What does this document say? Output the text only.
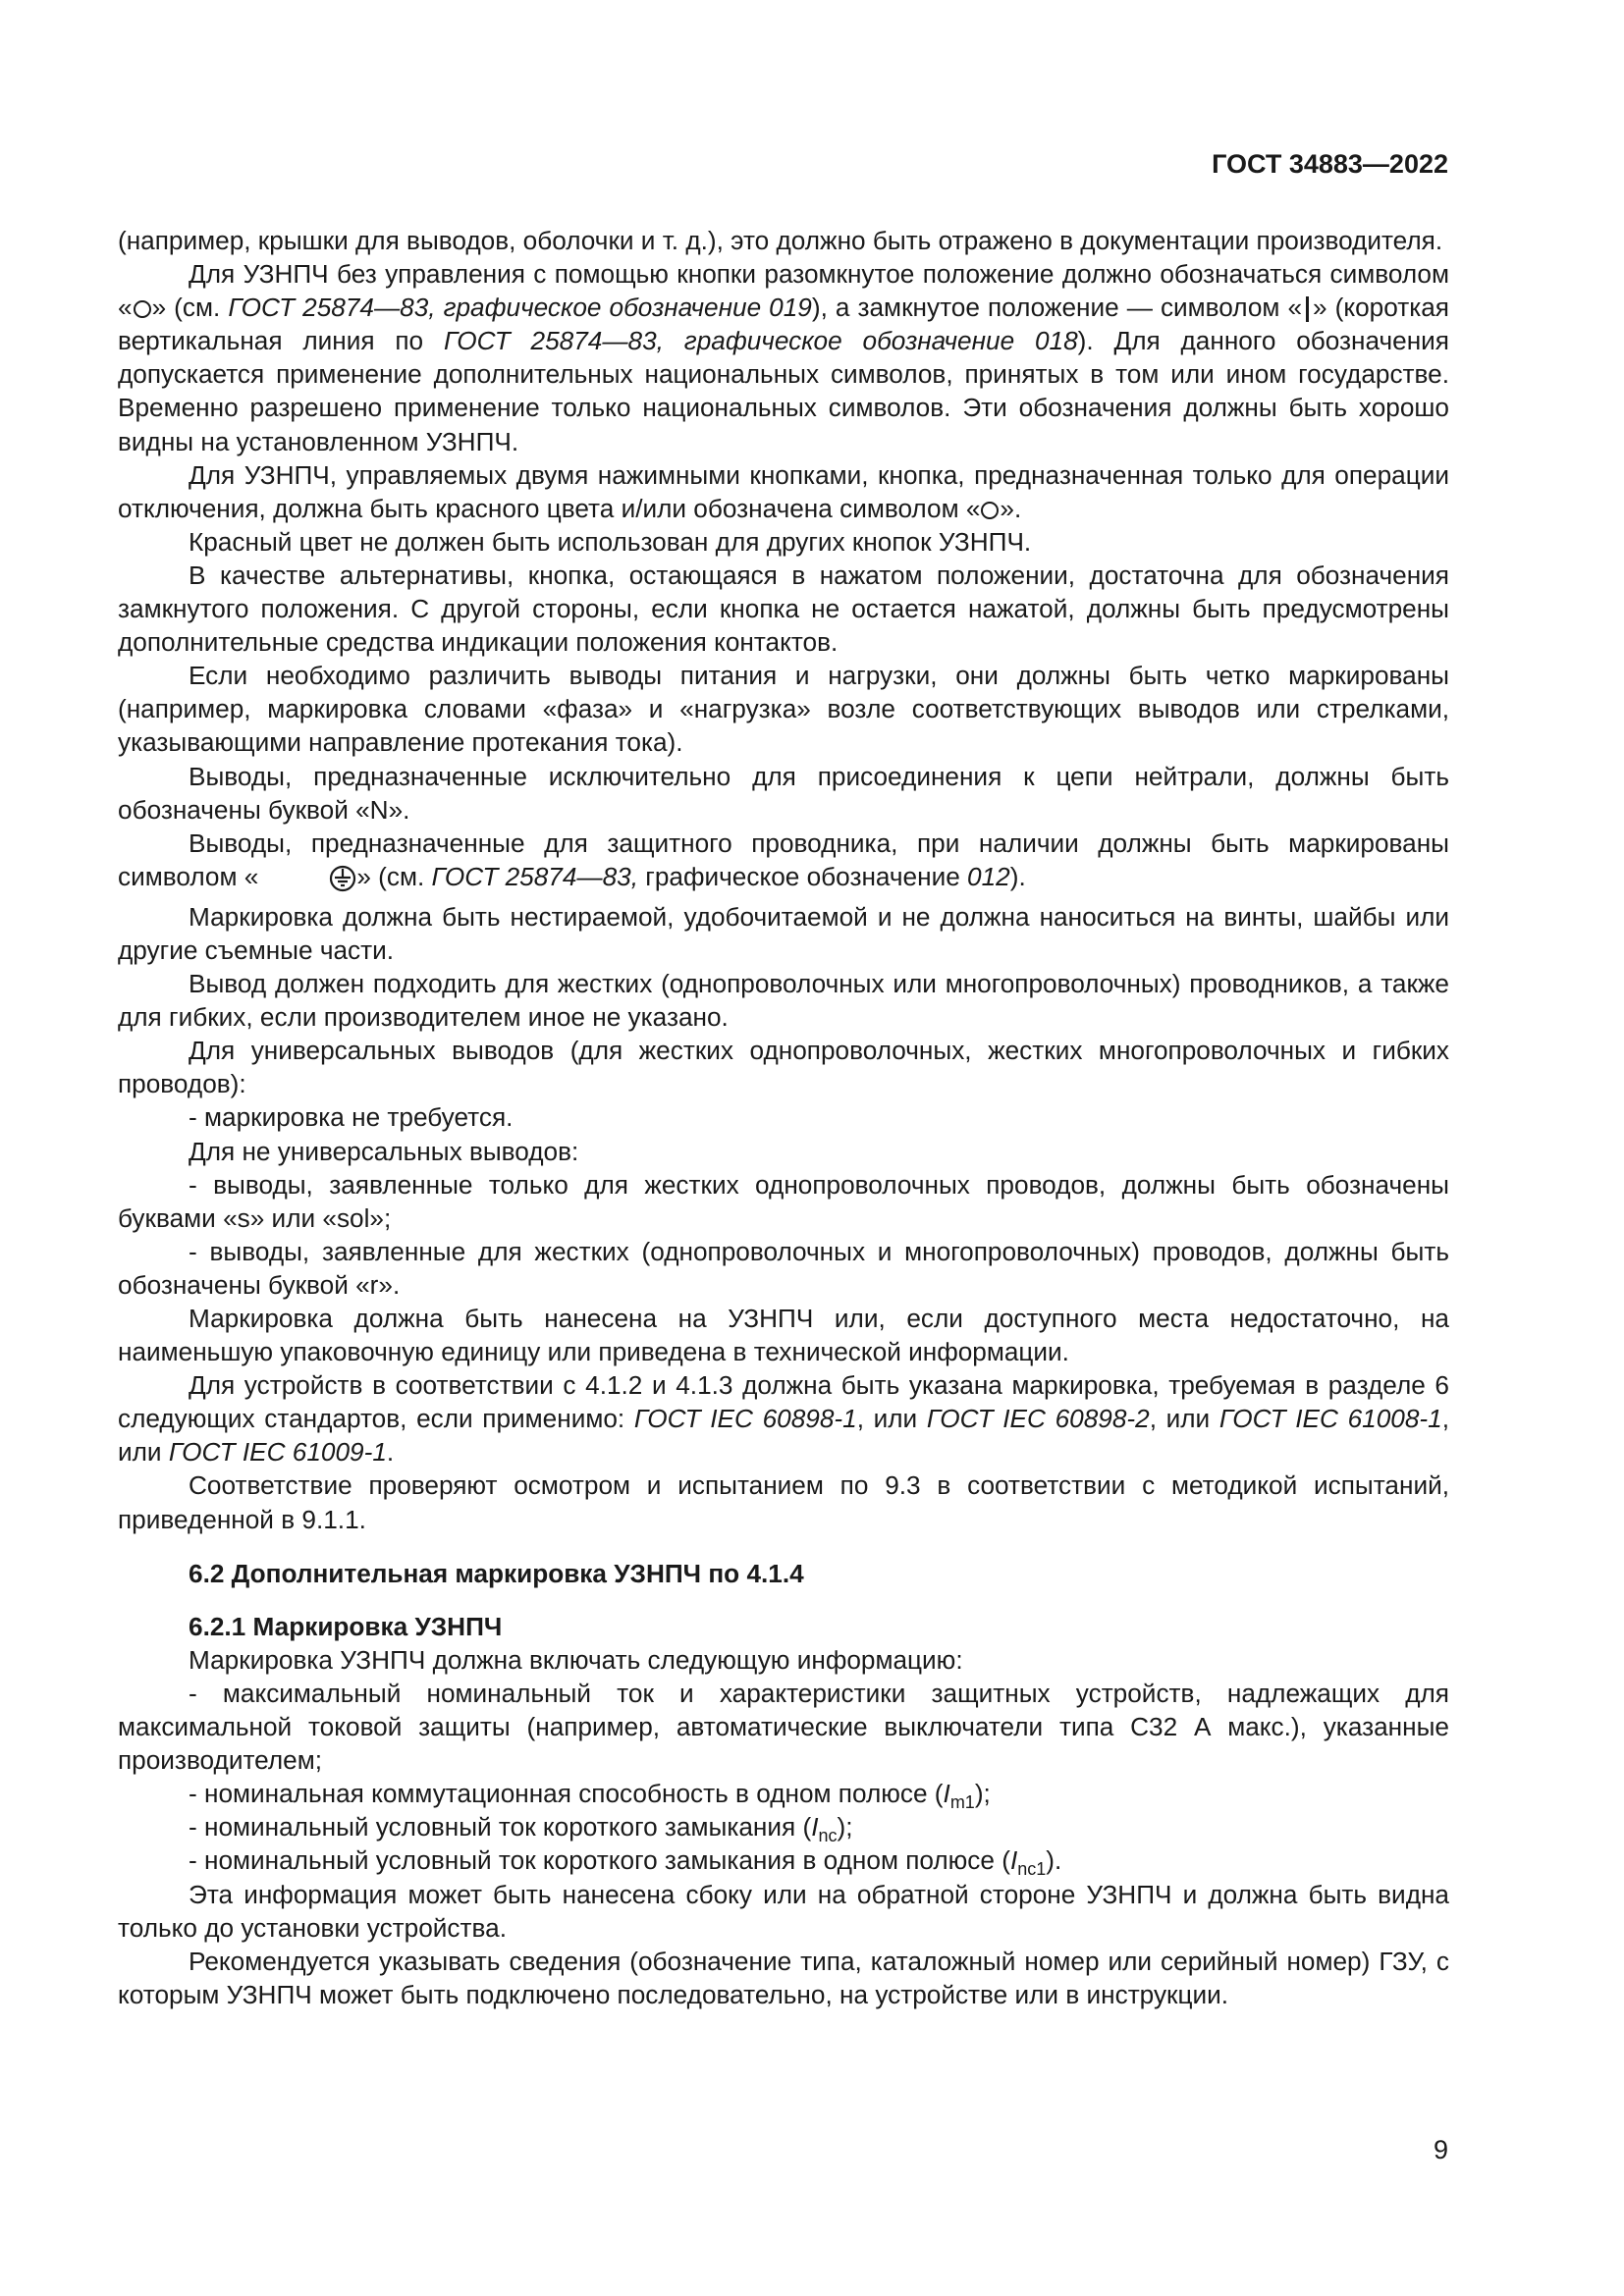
ГОСТ 34883—2022

(например, крышки для выводов, оболочки и т. д.), это должно быть отражено в документации производителя.

Для УЗНПЧ без управления с помощью кнопки разомкнутое положение должно обозначаться символом « » (см. ГОСТ 25874—83, графическое обозначение 019), а замкнутое положение — символом « » (короткая вертикальная линия по ГОСТ 25874—83, графическое обозначение 018). Для данного обозначения допускается применение дополнительных национальных символов, принятых в том или ином государстве. Временно разрешено применение только национальных символов. Эти обозначения должны быть хорошо видны на установленном УЗНПЧ.

Для УЗНПЧ, управляемых двумя нажимными кнопками, кнопка, предназначенная только для операции отключения, должна быть красного цвета и/или обозначена символом « ».

Красный цвет не должен быть использован для других кнопок УЗНПЧ.

В качестве альтернативы, кнопка, остающаяся в нажатом положении, достаточна для обозначения замкнутого положения. С другой стороны, если кнопка не остается нажатой, должны быть предусмотрены дополнительные средства индикации положения контактов.

Если необходимо различить выводы питания и нагрузки, они должны быть четко маркированы (например, маркировка словами «фаза» и «нагрузка» возле соответствующих выводов или стрелками, указывающими направление протекания тока).

Выводы, предназначенные исключительно для присоединения к цепи нейтрали, должны быть обозначены буквой «N».

Выводы, предназначенные для защитного проводника, при наличии должны быть маркированы символом «	» (см. ГОСТ 25874—83, графическое обозначение 012).

Маркировка должна быть нестираемой, удобочитаемой и не должна наноситься на винты, шайбы или другие съемные части.

Вывод должен подходить для жестких (однопроволочных или многопроволочных) проводников, а также для гибких, если производителем иное не указано.

Для универсальных выводов (для жестких однопроволочных, жестких многопроволочных и гибких проводов):

- маркировка не требуется.

Для не универсальных выводов:

- выводы, заявленные только для жестких однопроволочных проводов, должны быть обозначены буквами «s» или «sol»;

- выводы, заявленные для жестких (однопроволочных и многопроволочных) проводов, должны быть обозначены буквой «r».

Маркировка должна быть нанесена на УЗНПЧ или, если доступного места недостаточно, на наименьшую упаковочную единицу или приведена в технической информации.

Для устройств в соответствии с 4.1.2 и 4.1.3 должна быть указана маркировка, требуемая в разделе 6 следующих стандартов, если применимо: ГОСТ IEC 60898-1, или ГОСТ IEC 60898-2, или ГОСТ IEC 61008-1, или ГОСТ IEC 61009-1.

Соответствие проверяют осмотром и испытанием по 9.3 в соответствии с методикой испытаний, приведенной в 9.1.1.

6.2 Дополнительная маркировка УЗНПЧ по 4.1.4
6.2.1 Маркировка УЗНПЧ

Маркировка УЗНПЧ должна включать следующую информацию:

- максимальный номинальный ток и характеристики защитных устройств, надлежащих для максимальной токовой защиты (например, автоматические выключатели типа С32 А макс.), указанные производителем;

- номинальная коммутационная способность в одном полюсе $(I_{m1})$;

- номинальный условный ток короткого замыкания $(I_{nc})$;

- номинальный условный ток короткого замыкания в одном полюсе $(I_{nc1})$.

Эта информация может быть нанесена сбоку или на обратной стороне УЗНПЧ и должна быть видна только до установки устройства.

Рекомендуется указывать сведения (обозначение типа, каталожный номер или серийный номер) ГЗУ, с которым УЗНПЧ может быть подключено последовательно, на устройстве или в инструкции.

9
